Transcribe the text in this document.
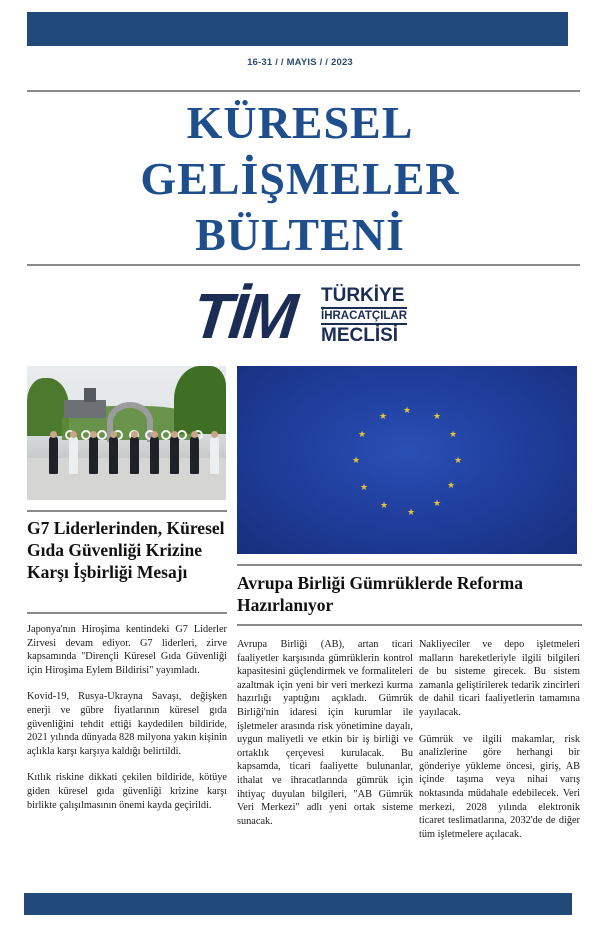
16-31 / / MAYIS / / 2023
KÜRESEL
GELİŞMELER
BÜLTENİ
TİM	TÜRKİYE
İHRACATÇILAR
MECLİSİ
★
★
★
★	★
★	★
★	★
★	★
★
G7 Liderlerinden, Küresel Gıda Güvenliği Krizine Karşı İşbirliği Mesajı

Japonya'nın Hiroşima kentindeki G7 Liderler Zirvesi devam ediyor. G7 liderleri, zirve kapsamında "Dirençli Küresel Gıda Güvenliği için Hiroşima Eylem Bildirisi" yayımladı.

Kovid-19, Rusya-Ukrayna Savaşı, değişken enerji ve gübre fiyatlarının küresel gıda güvenliğini tehdit ettiği kaydedilen bildiride, 2021 yılında dünyada 828 milyona yakın kişinin açlıkla karşı karşıya kaldığı belirtildi.

Kıtlık riskine dikkati çekilen bildiride, kötüye giden küresel gıda güvenliği krizine karşı birlikte çalışılmasının önemi kayda geçirildi.

Avrupa Birliği Gümrüklerde Reforma Hazırlanıyor

Avrupa Birliği (AB), artan ticari faaliyetler karşısında gümrüklerin kontrol kapasitesini güçlendirmek ve formaliteleri azaltmak için yeni bir veri merkezi kurma hazırlığı yaptığını açıkladı. Gümrük Birliği'nin idaresi için kurumlar ile işletmeler arasında risk yönetimine dayalı, uygun maliyetli ve etkin bir iş birliği ve ortaklık çerçevesi kurulacak. Bu kapsamda, ticari faaliyette bulunanlar, ithalat ve ihracatlarında gümrük için ihtiyaç duyulan bilgileri, "AB Gümrük Veri Merkezi" adlı yeni ortak sisteme sunacak.

Nakliyeciler ve depo işletmeleri malların hareketleriyle ilgili bilgileri de bu sisteme girecek. Bu sistem zamanla geliştirilerek tedarik zincirleri de dahil ticari faaliyetlerin tamamına yayılacak.

Gümrük ve ilgili makamlar, risk analizlerine göre herhangi bir gönderiye yükleme öncesi, giriş, AB içinde taşıma veya nihai varış noktasında müdahale edebilecek. Veri merkezi, 2028 yılında elektronik ticaret teslimatlarına, 2032'de de diğer tüm işletmelere açılacak.
